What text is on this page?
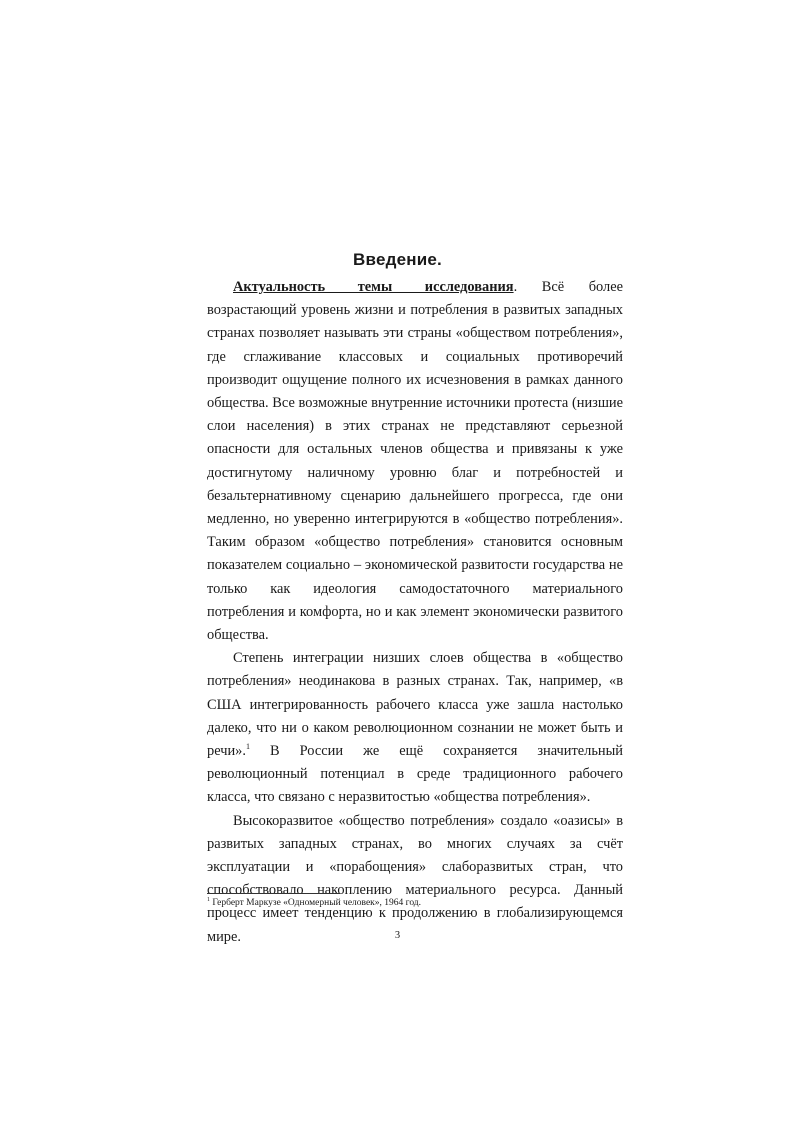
Введение.

Актуальность темы исследования. Всё более возрастающий уровень жизни и потребления в развитых западных странах позволяет называть эти страны «обществом потребления», где сглаживание классовых и социальных противоречий производит ощущение полного их исчезновения в рамках данного общества. Все возможные внутренние источники протеста (низшие слои населения) в этих странах не представляют серьезной опасности для остальных членов общества и привязаны к уже достигнутому наличному уровню благ и потребностей и безальтернативному сценарию дальнейшего прогресса, где они медленно, но уверенно интегрируются в «общество потребления». Таким образом «общество потребления» становится основным показателем социально – экономической развитости государства не только как идеология самодостаточного материального потребления и комфорта, но и как элемент экономически развитого общества.

Степень интеграции низших слоев общества в «общество потребления» неодинакова в разных странах. Так, например, «в США интегрированность рабочего класса уже зашла настолько далеко, что ни о каком революционном сознании не может быть и речи».$^1$ В России же ещё сохраняется значительный революционный потенциал в среде традиционного рабочего класса, что связано с неразвитостью «общества потребления».

Высокоразвитое «общество потребления» создало «оазисы» в развитых западных странах, во многих случаях за счёт эксплуатации и «порабощения» слаборазвитых стран, что способствовало накоплению материального ресурса. Данный процесс имеет тенденцию к продолжению в глобализирующемся мире.

$^1$ Герберт Маркузе «Одномерный человек», 1964 год.
3
